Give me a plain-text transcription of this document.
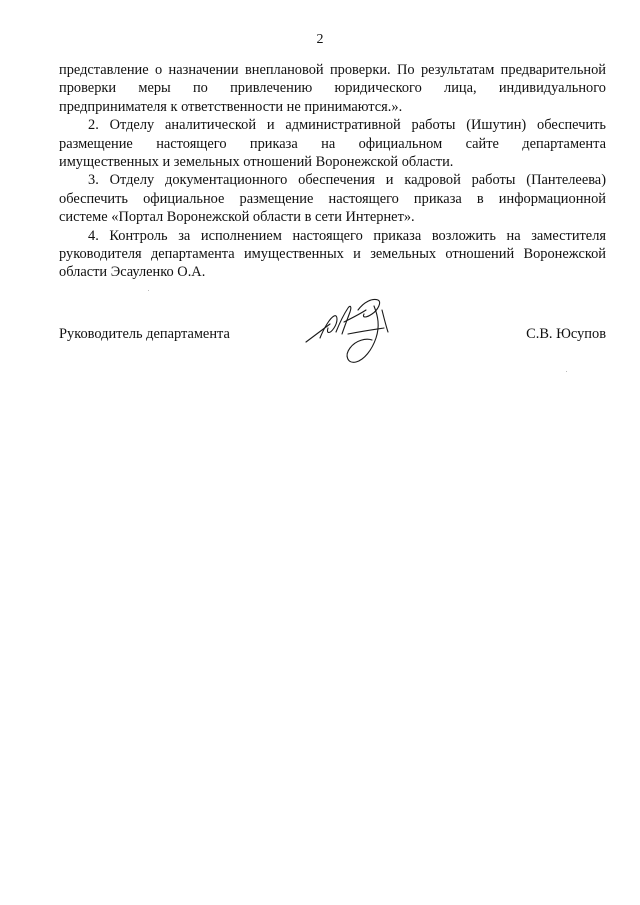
2
представление о назначении внеплановой проверки. По результатам предварительной
проверки меры по привлечению юридического лица, индивидуального
предпринимателя к ответственности не принимаются.».
2. Отделу аналитической и административной работы (Ишутин) обеспечить
размещение настоящего приказа на официальном сайте департамента
имущественных и земельных отношений Воронежской области.
3. Отделу документационного обеспечения и кадровой работы (Пантелеева)
обеспечить официальное размещение настоящего приказа в информационной
системе «Портал Воронежской области в сети Интернет».
4. Контроль за исполнением настоящего приказа возложить на заместителя
руководителя департамента имущественных и земельных отношений Воронежской
области Эсауленко О.А.
Руководитель департамента	С.В. Юсупов
